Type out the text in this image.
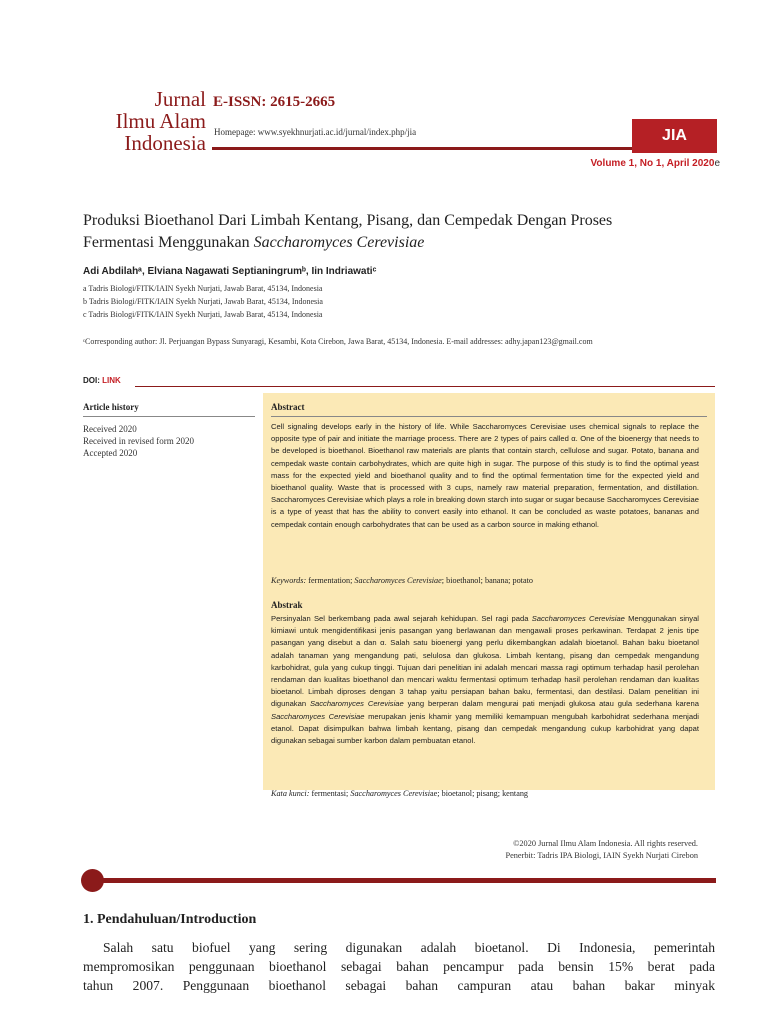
Jurnal
Ilmu Alam
Indonesia
E-ISSN: 2615-2665
Homepage: www.syekhnurjati.ac.id/jurnal/index.php/jia	JIA
Volume 1, No 1, April 2020e
Produksi Bioethanol Dari Limbah Kentang, Pisang, dan Cempedak Dengan Proses
Fermentasi Menggunakan Saccharomyces Cerevisiae
Adi Abdilahᵃ, Elviana Nagawati Septianingrumᵇ, Iin Indriawatiᶜ
a Tadris Biologi/FITK/IAIN Syekh Nurjati, Jawab Barat, 45134, Indonesia
b Tadris Biologi/FITK/IAIN Syekh Nurjati, Jawab Barat, 45134, Indonesia
c Tadris Biologi/FITK/IAIN Syekh Nurjati, Jawab Barat, 45134, Indonesia
ᶜCorresponding author: Jl. Perjuangan Bypass Sunyaragi, Kesambi, Kota Cirebon, Jawa Barat, 45134, Indonesia. E-mail addresses: adhy.japan123@gmail.com
DOI: LINK
Article history
Received 2020
Received in revised form 2020
Accepted 2020
Abstract
Cell signaling develops early in the history of life. While Saccharomyces Cerevisiae uses chemical signals to replace the opposite type of pair and initiate the marriage process. There are 2 types of pairs called α. One of the bioenergy that needs to be developed is bioethanol. Bioethanol raw materials are plants that contain starch, cellulose and sugar. Potato, banana and cempedak waste contain carbohydrates, which are quite high in sugar. The purpose of this study is to find the optimal yeast mass for the expected yield and bioethanol quality and to find the optimal fermentation time for the expected yield and bioethanol quality. Waste that is processed with 3 cups, namely raw material preparation, fermentation, and distillation. Saccharomyces Cerevisiae which plays a role in breaking down starch into sugar or sugar because Saccharomyces Cerevisiae is a type of yeast that has the ability to convert easily into ethanol. It can be concluded as waste potatoes, bananas and cempedak contain enough carbohydrates that can be used as a carbon source in making ethanol.
Keywords: fermentation; Saccharomyces Cerevisiae; bioethanol; banana; potato
Abstrak
Persinyalan Sel berkembang pada awal sejarah kehidupan. Sel ragi pada Saccharomyces Cerevisiae Menggunakan sinyal kimiawi untuk mengidentifikasi jenis pasangan yang berlawanan dan mengawali proses perkawinan. Terdapat 2 jenis tipe pasangan yang disebut a dan α. Salah satu bioenergi yang perlu dikembangkan adalah bioetanol. Bahan baku bioetanol adalah tanaman yang mengandung pati, selulosa dan glukosa. Limbah kentang, pisang dan cempedak mengandung karbohidrat, gula yang cukup tinggi. Tujuan dari penelitian ini adalah mencari massa ragi optimum terhadap hasil perolehan rendaman dan kualitas bioethanol dan mencari waktu fermentasi optimum terhadap hasil perolehan rendaman dan kualitas bioetanol. Limbah diproses dengan 3 tahap yaitu persiapan bahan baku, fermentasi, dan destilasi. Dalam penelitian ini digunakan Saccharomyces Cerevisiae yang berperan dalam mengurai pati menjadi glukosa atau gula sederhana karena Saccharomyces Cerevisiae merupakan jenis khamir yang memiliki kemampuan mengubah karbohidrat sederhana menjadi etanol. Dapat disimpulkan bahwa limbah kentang, pisang dan cempedak mengandung cukup karbohidrat yang dapat digunakan sebagai sumber karbon dalam pembuatan etanol.
Kata kunci: fermentasi; Saccharomyces Cerevisiae; bioetanol; pisang; kentang
©2020 Jurnal Ilmu Alam Indonesia. All rights reserved.
Penerbit: Tadris IPA Biologi, IAIN Syekh Nurjati Cirebon
1. Pendahuluan/Introduction
Salah satu biofuel yang sering digunakan adalah bioetanol. Di Indonesia, pemerintah
mempromosikan penggunaan bioethanol sebagai bahan pencampur pada bensin 15% berat pada
tahun 2007. Penggunaan bioethanol sebagai bahan campuran atau bahan bakar minyak
